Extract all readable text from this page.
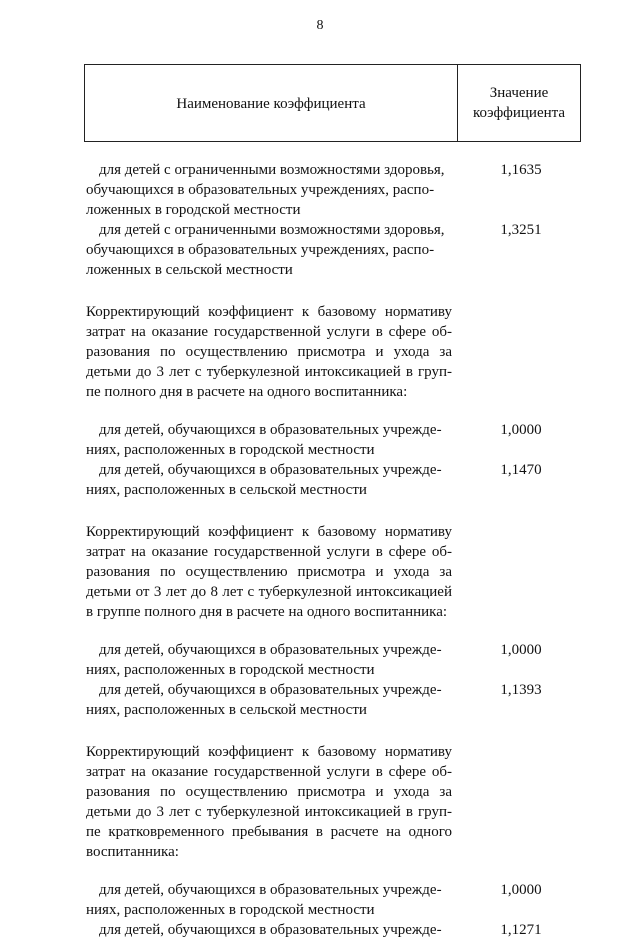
8
Наименование коэффициента
Значение
коэффициента
для детей с ограниченными возможностями здоровья,
обучающихся в образовательных учреждениях, распо-
ложенных в городской местности
1,1635
для детей с ограниченными возможностями здоровья,
обучающихся в образовательных учреждениях, распо-
ложенных в сельской местности
1,3251
Корректирующий коэффициент к базовому нормативу
затрат на оказание государственной услуги в сфере об-
разования по осуществлению присмотра и ухода за
детьми до 3 лет с туберкулезной интоксикацией в груп-
пе полного дня в расчете на одного воспитанника:
для детей, обучающихся в образовательных учрежде-
ниях, расположенных в городской местности
1,0000
для детей, обучающихся в образовательных учрежде-
ниях, расположенных в сельской местности
1,1470
Корректирующий коэффициент к базовому нормативу
затрат на оказание государственной услуги в сфере об-
разования по осуществлению присмотра и ухода за
детьми от 3 лет до 8 лет с туберкулезной интоксикацией
в группе полного дня в расчете на одного воспитанника:
для детей, обучающихся в образовательных учрежде-
ниях, расположенных в городской местности
1,0000
для детей, обучающихся в образовательных учрежде-
ниях, расположенных в сельской местности
1,1393
Корректирующий коэффициент к базовому нормативу
затрат на оказание государственной услуги в сфере об-
разования по осуществлению присмотра и ухода за
детьми до 3 лет с туберкулезной интоксикацией в груп-
пе кратковременного пребывания в расчете на одного
воспитанника:
для детей, обучающихся в образовательных учрежде-
ниях, расположенных в городской местности
1,0000
для детей, обучающихся в образовательных учрежде-	1,1271
